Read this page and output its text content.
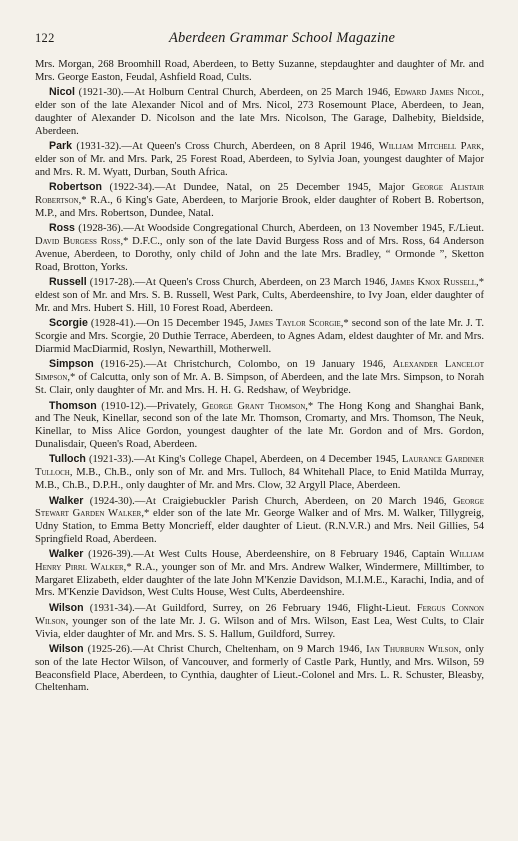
122	Aberdeen Grammar School Magazine

Mrs. Morgan, 268 Broomhill Road, Aberdeen, to Betty Suzanne, stepdaughter and daughter of Mr. and Mrs. George Easton, Feudal, Ashfield Road, Cults.

Nicol (1921-30).—At Holburn Central Church, Aberdeen, on 25 March 1946, Edward James Nicol, elder son of the late Alexander Nicol and of Mrs. Nicol, 273 Rosemount Place, Aberdeen, to Jean, daughter of Alexander D. Nicolson and the late Mrs. Nicolson, The Garage, Dalhebity, Bieldside, Aberdeen.

Park (1931-32).—At Queen's Cross Church, Aberdeen, on 8 April 1946, William Mitchell Park, elder son of Mr. and Mrs. Park, 25 Forest Road, Aberdeen, to Sylvia Joan, youngest daughter of Major and Mrs. R. M. Wyatt, Durban, South Africa.

Robertson (1922-34).—At Dundee, Natal, on 25 December 1945, Major George Alistair Robertson,* R.A., 6 King's Gate, Aberdeen, to Marjorie Brook, elder daughter of Robert B. Robertson, M.P., and Mrs. Robertson, Dundee, Natal.

Ross (1928-36).—At Woodside Congregational Church, Aberdeen, on 13 November 1945, F./Lieut. David Burgess Ross,* D.F.C., only son of the late David Burgess Ross and of Mrs. Ross, 64 Anderson Avenue, Aberdeen, to Dorothy, only child of John and the late Mrs. Bradley, “ Ormonde ”, Sketton Road, Brotton, Yorks.

Russell (1917-28).—At Queen's Cross Church, Aberdeen, on 23 March 1946, James Knox Russell,* eldest son of Mr. and Mrs. S. B. Russell, West Park, Cults, Aberdeenshire, to Ivy Joan, elder daughter of Mr. and Mrs. Hubert S. Hill, 10 Forest Road, Aberdeen.

Scorgie (1928-41).—On 15 December 1945, James Taylor Scorgie,* second son of the late Mr. J. T. Scorgie and Mrs. Scorgie, 20 Duthie Terrace, Aberdeen, to Agnes Adam, eldest daughter of Mr. and Mrs. Diarmid MacDiarmid, Roslyn, Newarthill, Motherwell.

Simpson (1916-25).—At Christchurch, Colombo, on 19 January 1946, Alexander Lancelot Simpson,* of Calcutta, only son of Mr. A. B. Simpson, of Aberdeen, and the late Mrs. Simpson, to Norah St. Clair, only daughter of Mr. and Mrs. H. H. G. Redshaw, of Weybridge.

Thomson (1910-12).—Privately, George Grant Thomson,* The Hong Kong and Shanghai Bank, and The Neuk, Kinellar, second son of the late Mr. Thomson, Cromarty, and Mrs. Thomson, The Neuk, Kinellar, to Miss Alice Gordon, youngest daughter of the late Mr. Gordon and of Mrs. Gordon, Dunalisdair, Queen's Road, Aberdeen.

Tulloch (1921-33).—At King's College Chapel, Aberdeen, on 4 December 1945, Laurance Gardiner Tulloch, M.B., Ch.B., only son of Mr. and Mrs. Tulloch, 84 Whitehall Place, to Enid Matilda Murray, M.B., Ch.B., D.P.H., only daughter of Mr. and Mrs. Clow, 32 Argyll Place, Aberdeen.

Walker (1924-30).—At Craigiebuckler Parish Church, Aberdeen, on 20 March 1946, George Stewart Garden Walker,* elder son of the late Mr. George Walker and of Mrs. M. Walker, Tillygreig, Udny Station, to Emma Betty Moncrieff, elder daughter of Lieut. (R.N.V.R.) and Mrs. Neil Gillies, 54 Springfield Road, Aberdeen.

Walker (1926-39).—At West Cults House, Aberdeenshire, on 8 February 1946, Captain William Henry Pirrl Walker,* R.A., younger son of Mr. and Mrs. Andrew Walker, Windermere, Milltimber, to Margaret Elizabeth, elder daughter of the late John M'Kenzie Davidson, M.I.M.E., Karachi, India, and of Mrs. M'Kenzie Davidson, West Cults House, West Cults, Aberdeenshire.

Wilson (1931-34).—At Guildford, Surrey, on 26 February 1946, Flight-Lieut. Fergus Connon Wilson, younger son of the late Mr. J. G. Wilson and of Mrs. Wilson, East Lea, West Cults, to Clair Vivia, elder daughter of Mr. and Mrs. S. S. Hallum, Guildford, Surrey.

Wilson (1925-26).—At Christ Church, Cheltenham, on 9 March 1946, Ian Thurburn Wilson, only son of the late Hector Wilson, of Vancouver, and formerly of Castle Park, Huntly, and Mrs. Wilson, 59 Beaconsfield Place, Aberdeen, to Cynthia, daughter of Lieut.-Colonel and Mrs. L. R. Schuster, Bleasby, Cheltenham.
